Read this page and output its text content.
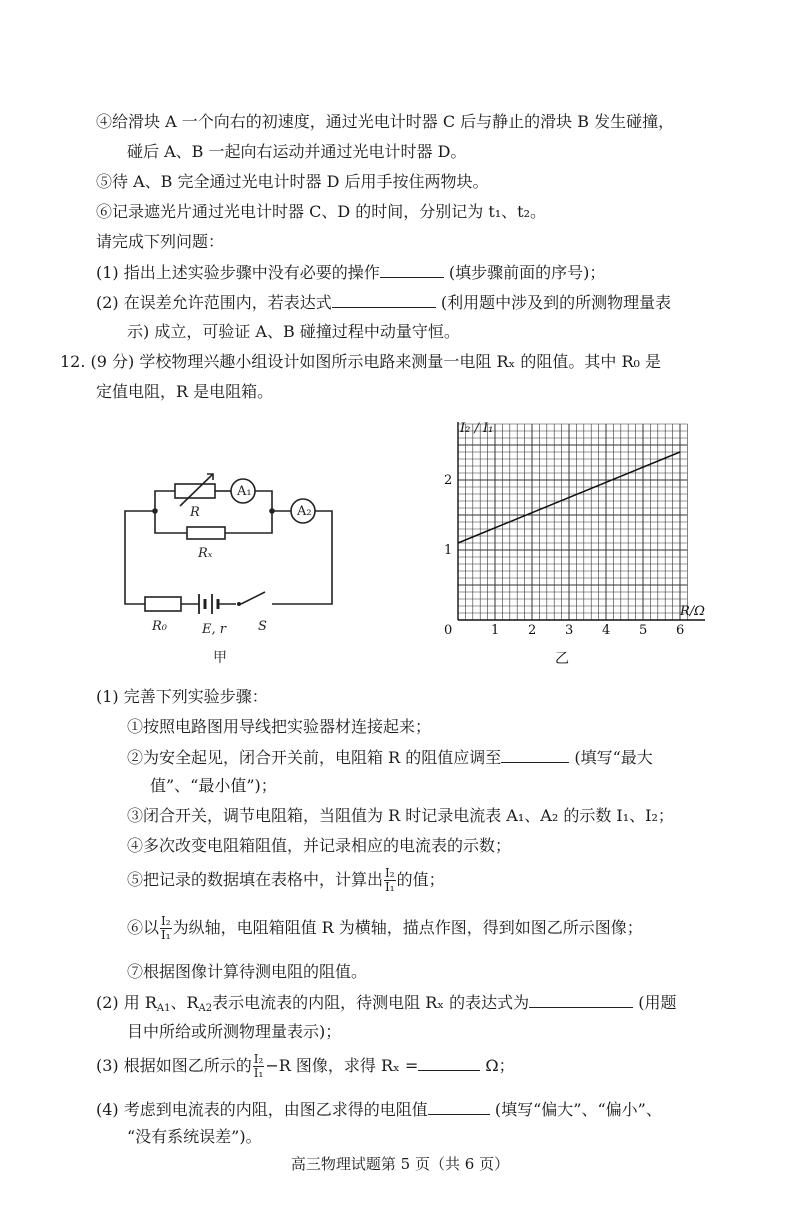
④给滑块 A 一个向右的初速度，通过光电计时器 C 后与静止的滑块 B 发生碰撞，
碰后 A、B 一起向右运动并通过光电计时器 D。
⑤待 A、B 完全通过光电计时器 D 后用手按住两物块。
⑥记录遮光片通过光电计时器 C、D 的时间，分别记为 t₁、t₂。
请完成下列问题：
(1) 指出上述实验步骤中没有必要的操作	(填步骤前面的序号)；
(2) 在误差允许范围内，若表达式	(利用题中涉及到的所测物理量表
示) 成立，可验证 A、B 碰撞过程中动量守恒。
12. (9 分) 学校物理兴趣小组设计如图所示电路来测量一电阻 Rₓ 的阻值。其中 R₀ 是
定值电阻，R 是电阻箱。
A₁
A₂
R
Rₓ
R₀	E, r S
甲
I₂ / I₁
R/Ω
0	1 2 3 4 5 6
1
2
乙
(1) 完善下列实验步骤：
①按照电路图用导线把实验器材连接起来；
②为安全起见，闭合开关前，电阻箱 R 的阻值应调至	(填写“最大
值”、“最小值”)；
③闭合开关，调节电阻箱，当阻值为 R 时记录电流表 A₁、A₂ 的示数 I₁、I₂；
④多次改变电阻箱阻值，并记录相应的电流表的示数；
⑤把记录的数据填在表格中，计算出 $\frac{\text{I₂}}{\text{I₁}}$ 的值；
⑥以 $\frac{\text{I₂}}{\text{I₁}}$ 为纵轴，电阻箱阻值 R 为横轴，描点作图，得到如图乙所示图像；
⑦根据图像计算待测电阻的阻值。
(2) 用 $R_{A1}$、$R_{A2}$表示电流表的内阻，待测电阻 Rₓ 的表达式为	(用题
目中所给或所测物理量表示)；
(3) 根据如图乙所示的 $\frac{\text{I₂}}{\text{I₁}} -R$ 图像，求得 Rₓ =	Ω；
(4) 考虑到电流表的内阻，由图乙求得的电阻值	(填写“偏大”、“偏小”、
“没有系统误差”)。
高三物理试题第 5 页（共 6 页）
